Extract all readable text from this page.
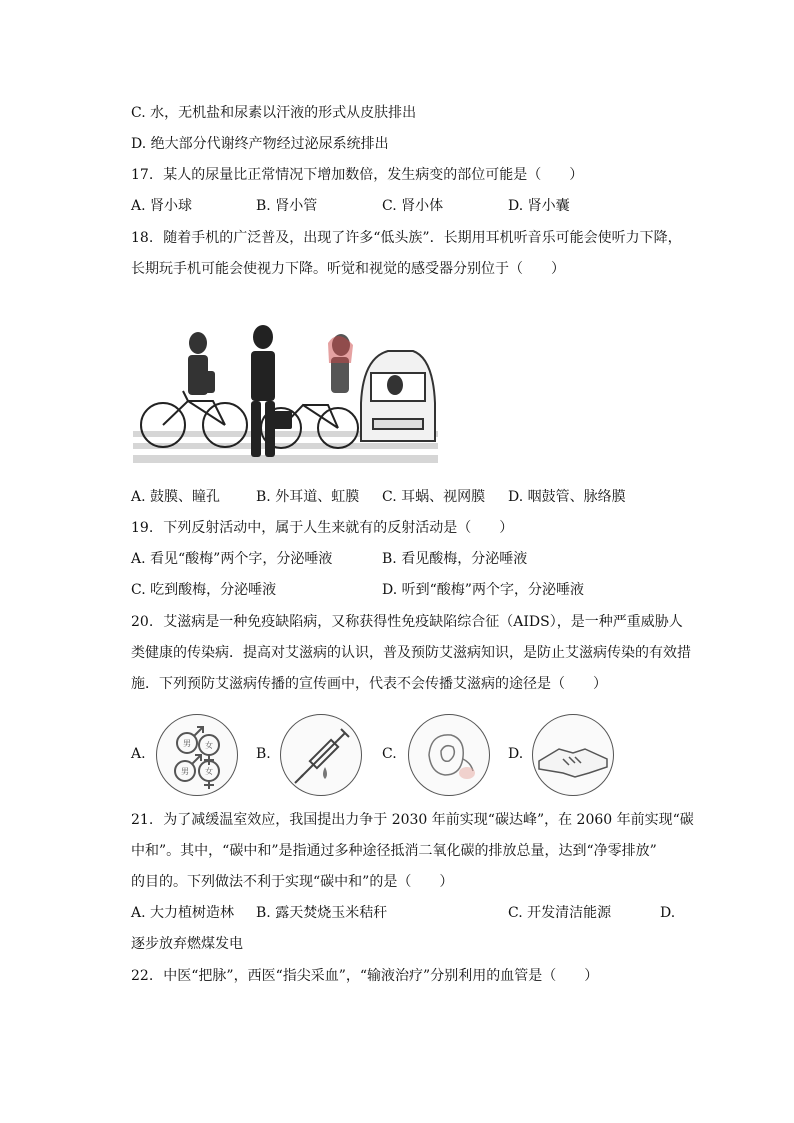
C. 水，无机盐和尿素以汗液的形式从皮肤排出
D. 绝大部分代谢终产物经过泌尿系统排出
17. 某人的尿量比正常情况下增加数倍，发生病变的部位可能是（　　）
A. 肾小球	B. 肾小管	C. 肾小体	D. 肾小囊
18. 随着手机的广泛普及，出现了许多“低头族”．长期用耳机听音乐可能会使听力下降，
长期玩手机可能会使视力下降。听觉和视觉的感受器分别位于（　　）
A. 鼓膜、瞳孔	B. 外耳道、虹膜 C. 耳蜗、视网膜 D. 咽鼓管、脉络膜
19. 下列反射活动中，属于人生来就有的反射活动是（　　）
A. 看见“酸梅”两个字，分泌唾液	B. 看见酸梅，分泌唾液
C. 吃到酸梅，分泌唾液	D. 听到“酸梅”两个字，分泌唾液
20. 艾滋病是一种免疫缺陷病，又称获得性免疫缺陷综合征（AIDS），是一种严重威胁人
类健康的传染病．提高对艾滋病的认识，普及预防艾滋病知识，是防止艾滋病传染的有效措
施．下列预防艾滋病传播的宣传画中，代表不会传播艾滋病的途径是（　　）
A.
男 女
男 女
B.	C.	D.
21. 为了减缓温室效应，我国提出力争于 2030 年前实现“碳达峰”，在 2060 年前实现“碳
中和”。其中，“碳中和”是指通过多种途径抵消二氧化碳的排放总量，达到“净零排放”
的目的。下列做法不利于实现“碳中和”的是（　　）
A. 大力植树造林 B. 露天焚烧玉米秸秆	C. 开发清洁能源	D.
逐步放弃燃煤发电
22. 中医“把脉”，西医“指尖采血”，“输液治疗”分别利用的血管是（　　）
